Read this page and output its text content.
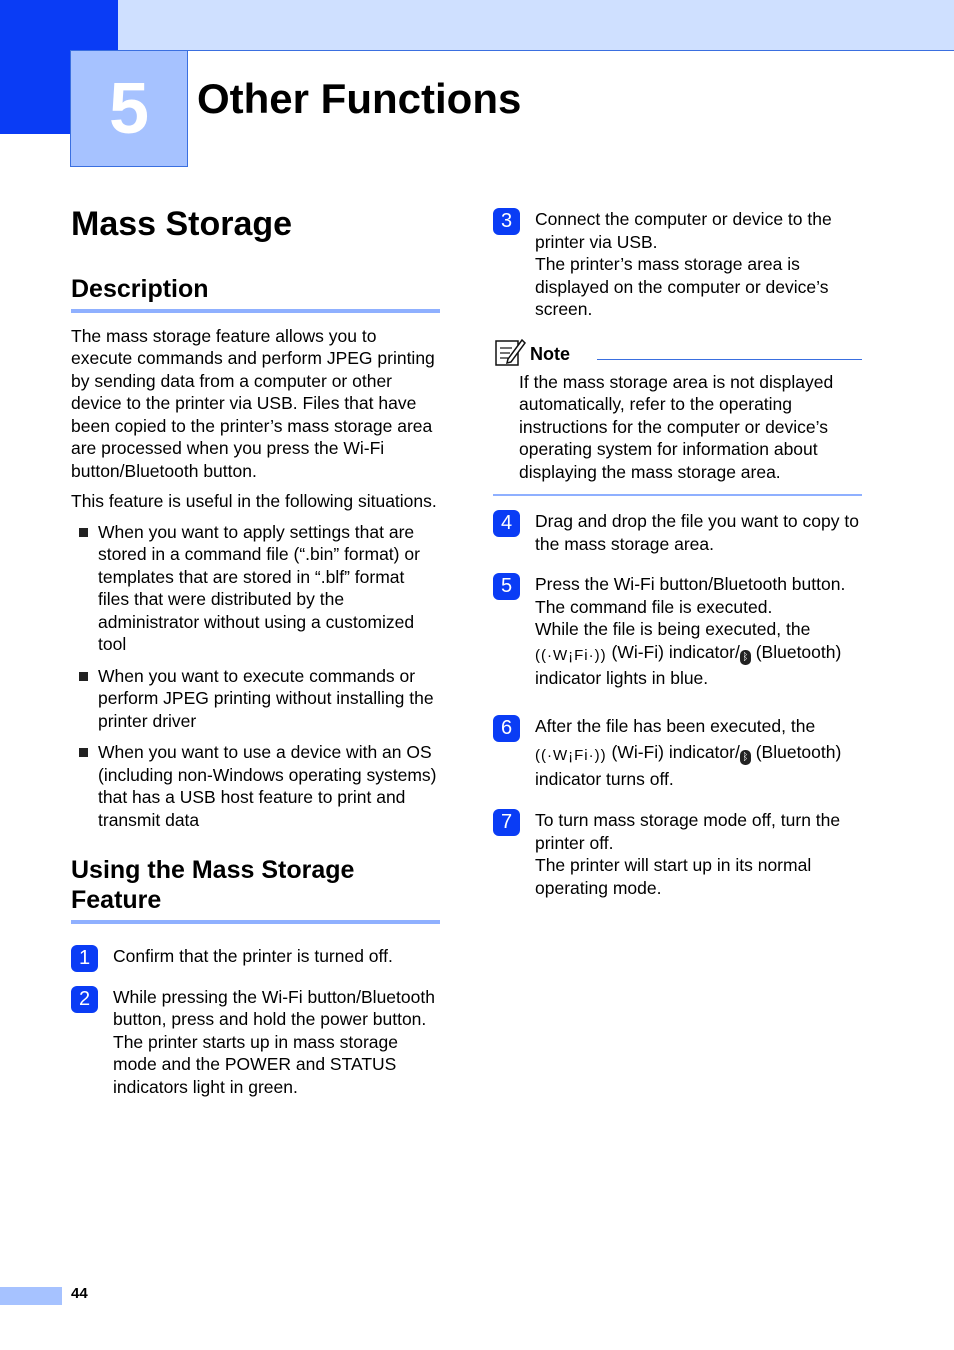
5 Other Functions
Mass Storage
Description

The mass storage feature allows you to execute commands and perform JPEG printing by sending data from a computer or other device to the printer via USB. Files that have been copied to the printer’s mass storage area are processed when you press the Wi-Fi button/Bluetooth button.

This feature is useful in the following situations.

When you want to apply settings that are stored in a command file (“.bin” format) or templates that are stored in “.blf” format files that were distributed by the administrator without using a customized tool
When you want to execute commands or perform JPEG printing without installing the printer driver
When you want to use a device with an OS (including non-Windows operating systems) that has a USB host feature to print and transmit data
Using the Mass Storage Feature
1	Confirm that the printer is turned off.
2	While pressing the Wi-Fi button/Bluetooth button, press and hold the power button.
The printer starts up in mass storage mode and the POWER and STATUS indicators light in green.
3	Connect the computer or device to the printer via USB.
The printer’s mass storage area is displayed on the computer or device’s screen.
Note
If the mass storage area is not displayed automatically, refer to the operating instructions for the computer or device’s operating system for information about displaying the mass storage area.
4	Drag and drop the file you want to copy to the mass storage area.
5	Press the Wi-Fi button/Bluetooth button.
The command file is executed.
While the file is being executed, the
((·W¡Fi·)) (Wi-Fi) indicator/ ᛒ (Bluetooth) indicator lights in blue.
6	After the file has been executed, the
((·W¡Fi·)) (Wi-Fi) indicator/ ᛒ (Bluetooth) indicator turns off.
7	To turn mass storage mode off, turn the printer off.
The printer will start up in its normal operating mode.
44
